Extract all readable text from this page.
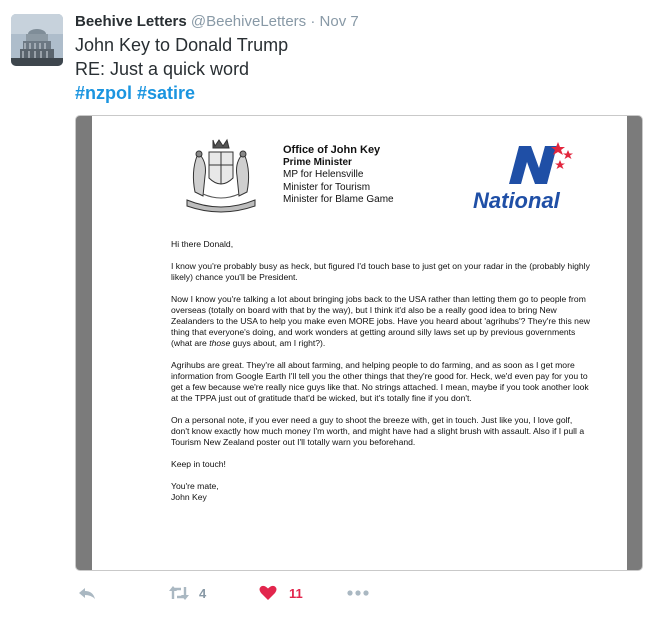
Beehive Letters @BeehiveLetters · Nov 7
John Key to Donald Trump
RE: Just a quick word
#nzpol #satire
Office of John Key
Prime Minister
MP for Helensville
Minister for Tourism
Minister for Blame Game	National

Hi there Donald,

I know you're probably busy as heck, but figured I'd touch base to just get on your radar in the (probably highly likely) chance you'll be President.

Now I know you're talking a lot about bringing jobs back to the USA rather than letting them go to people from overseas (totally on board with that by the way), but I think it'd also be a really good idea to bring New Zealanders to the USA to help you make even MORE jobs. Have you heard about 'agrihubs'? They're this new thing that everyone's doing, and work wonders at getting around silly laws set up by previous governments (what are those guys about, am I right?).

Agrihubs are great. They're all about farming, and helping people to do farming, and as soon as I get more information from Google Earth I'll tell you the other things that they're good for. Heck, we'd even pay for you to get a few because we're really nice guys like that. No strings attached. I mean, maybe if you took another look at the TPPA just out of gratitude that'd be wicked, but it's totally fine if you don't.

On a personal note, if you ever need a guy to shoot the breeze with, get in touch. Just like you, I love golf, don't know exactly how much money I'm worth, and might have had a slight brush with assault. Also if I pull a Tourism New Zealand poster out I'll totally warn you beforehand.

Keep in touch!

You're mate,
John Key
4	11
